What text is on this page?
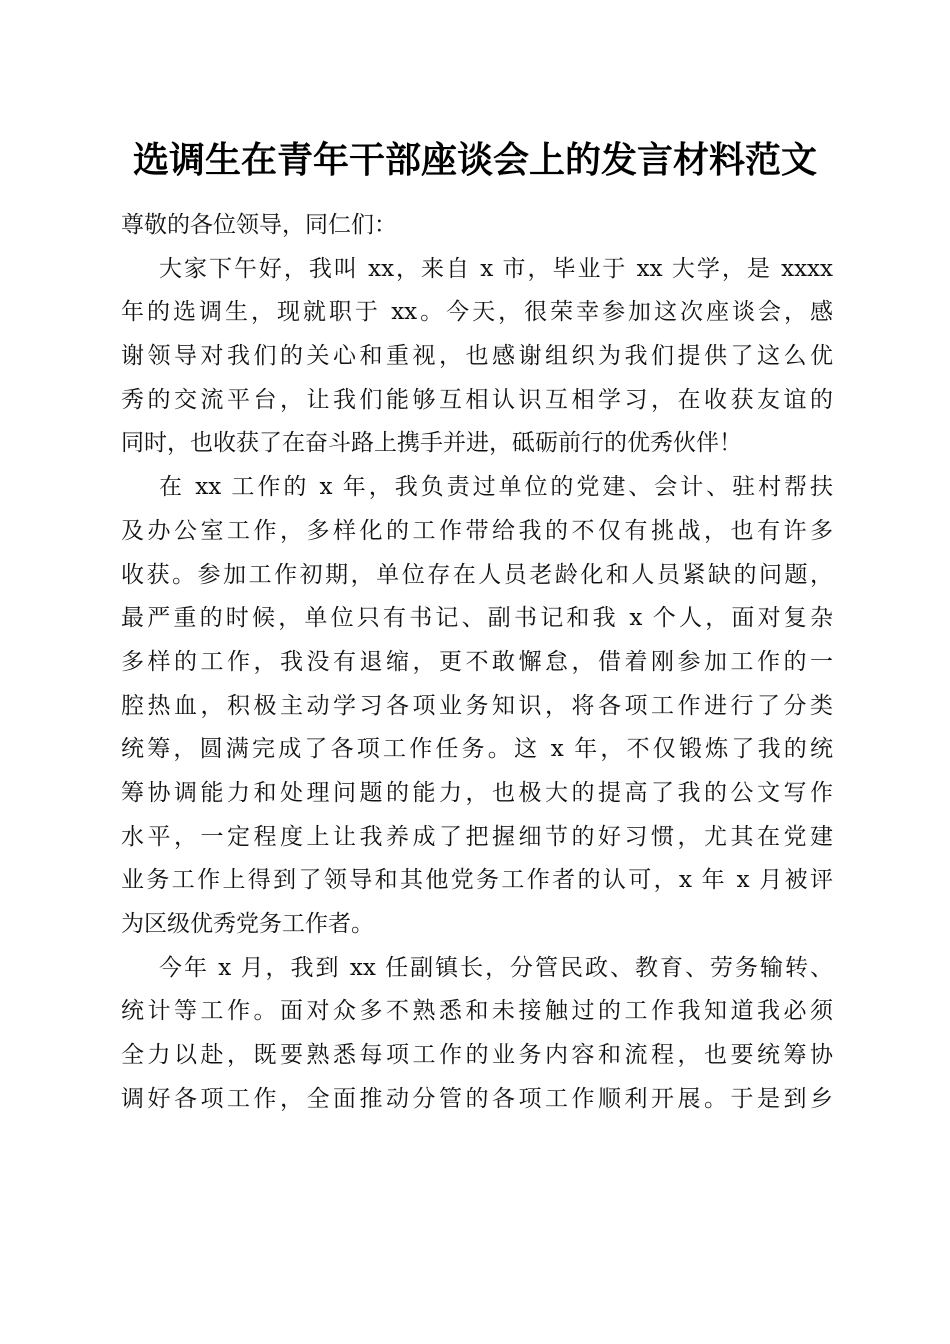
选调生在青年干部座谈会上的发言材料范文
尊敬的各位领导，同仁们：
大家下午好，我叫 xx，来自 x 市，毕业于 xx 大学，是 xxxx
年的选调生，现就职于 xx。今天，很荣幸参加这次座谈会，感
谢领导对我们的关心和重视，也感谢组织为我们提供了这么优
秀的交流平台，让我们能够互相认识互相学习，在收获友谊的
同时，也收获了在奋斗路上携手并进，砥砺前行的优秀伙伴！
在 xx 工作的 x 年，我负责过单位的党建、会计、驻村帮扶
及办公室工作，多样化的工作带给我的不仅有挑战，也有许多
收获。参加工作初期，单位存在人员老龄化和人员紧缺的问题，
最严重的时候，单位只有书记、副书记和我 x 个人，面对复杂
多样的工作，我没有退缩，更不敢懈怠，借着刚参加工作的一
腔热血，积极主动学习各项业务知识，将各项工作进行了分类
统筹，圆满完成了各项工作任务。这 x 年，不仅锻炼了我的统
筹协调能力和处理问题的能力，也极大的提高了我的公文写作
水平，一定程度上让我养成了把握细节的好习惯，尤其在党建
业务工作上得到了领导和其他党务工作者的认可，x 年 x 月被评
为区级优秀党务工作者。
今年 x 月，我到 xx 任副镇长，分管民政、教育、劳务输转、
统计等工作。面对众多不熟悉和未接触过的工作我知道我必须
全力以赴，既要熟悉每项工作的业务内容和流程，也要统筹协
调好各项工作，全面推动分管的各项工作顺利开展。于是到乡
